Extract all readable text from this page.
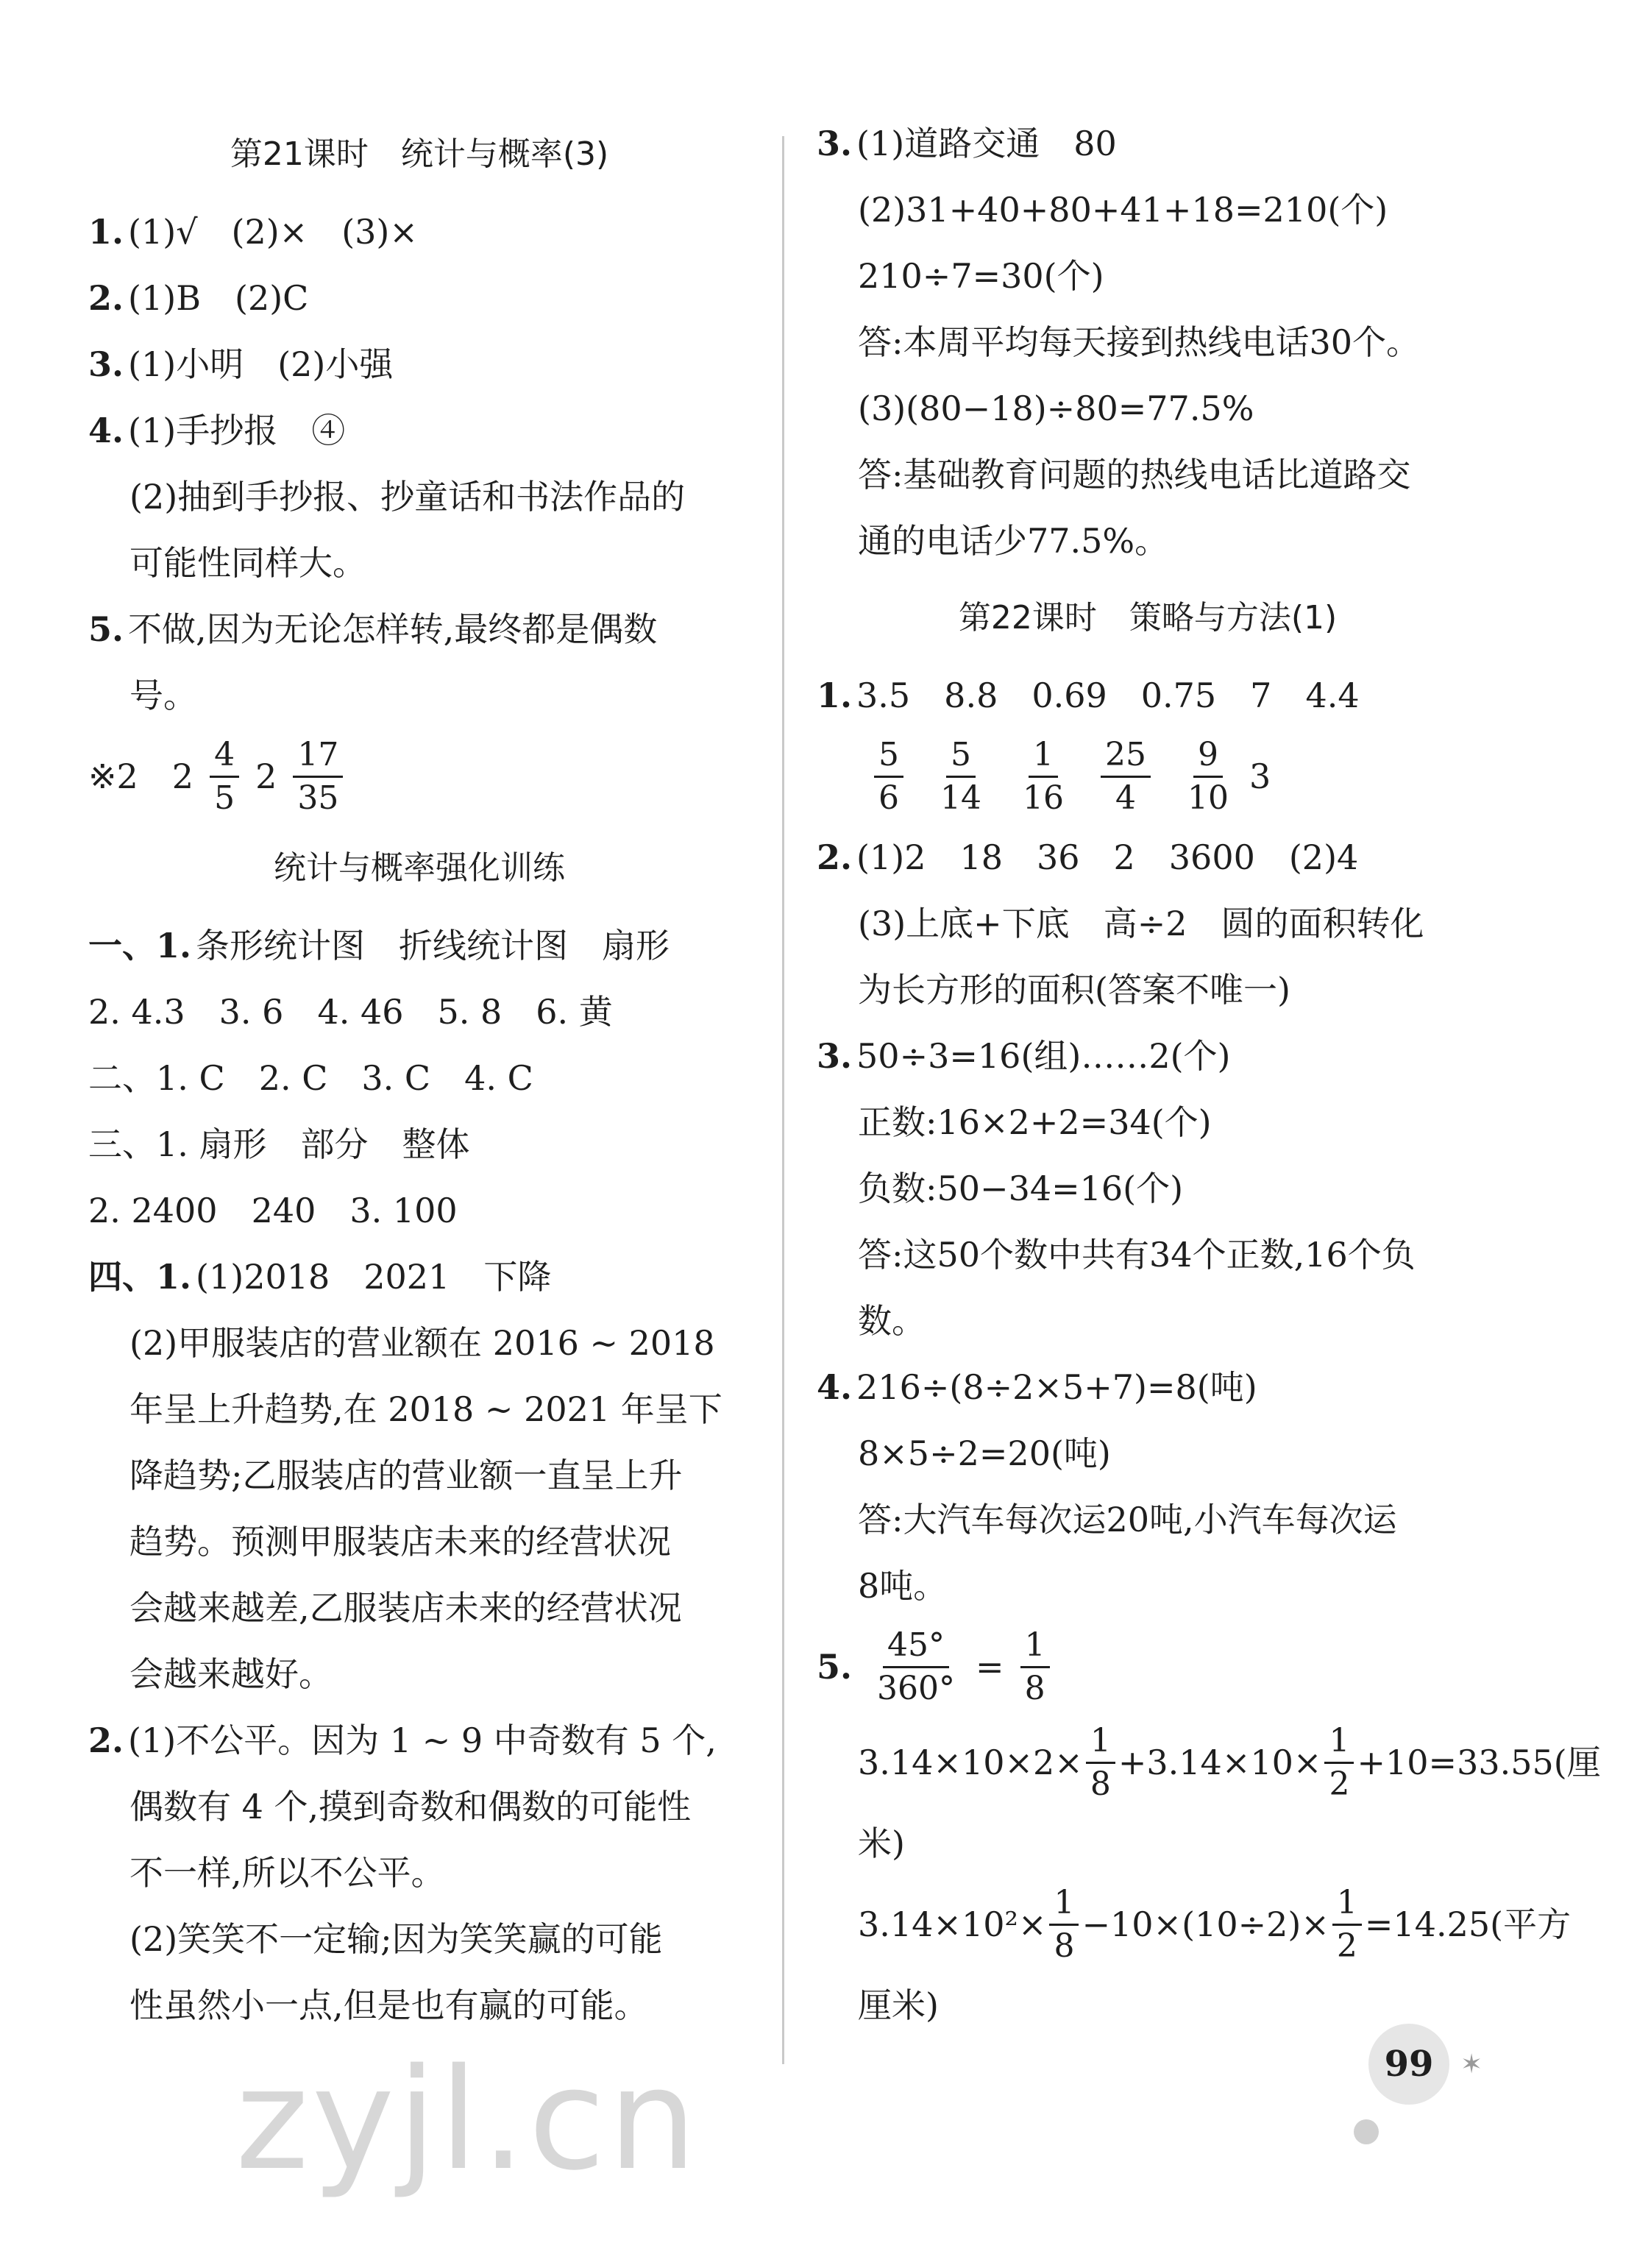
第21课时　统计与概率(3)
1. (1)√　(2)×　(3)×
2. (1)B　(2)C
3. (1)小明　(2)小强
4. (1)手抄报　④
(2)抽到手抄报、抄童话和书法作品的
可能性同样大。
5. 不做,因为无论怎样转,最终都是偶数
号。
※2　$2 \frac{4}{5} 2 \frac{17}{35}$
统计与概率强化训练
一、1. 条形统计图　折线统计图　扇形
2. 4.3　3. 6　4. 46　5. 8　6. 黄
二、1. C　2. C　3. C　4. C
三、1. 扇形　部分　整体
2. 2400　240　3. 100
四、1. (1)2018　2021　下降
(2)甲服装店的营业额在 2016 ~ 2018
年呈上升趋势,在 2018 ~ 2021 年呈下
降趋势;乙服装店的营业额一直呈上升
趋势。预测甲服装店未来的经营状况
会越来越差,乙服装店未来的经营状况
会越来越好。
2. (1)不公平。因为 1 ~ 9 中奇数有 5 个,
偶数有 4 个,摸到奇数和偶数的可能性
不一样,所以不公平。
(2)笑笑不一定输;因为笑笑赢的可能
性虽然小一点,但是也有赢的可能。
3. (1)道路交通　80
(2)31+40+80+41+18=210(个)
210÷7=30(个)
答:本周平均每天接到热线电话30个。
(3)(80−18)÷80=77.5%
答:基础教育问题的热线电话比道路交
通的电话少77.5%。
第22课时　策略与方法(1)
1. 3.5　8.8　0.69　0.75　7　4.4
$\frac{5}{6} \frac{5}{14} \frac{1}{16} \frac{25}{4} \frac{9}{10} 3$
2. (1)2　18　36　2　3600　(2)4
(3)上底+下底　高÷2　圆的面积转化
为长方形的面积(答案不唯一)
3. 50÷3=16(组)……2(个)
正数:16×2+2=34(个)
负数:50−34=16(个)
答:这50个数中共有34个正数,16个负
数。
4. 216÷(8÷2×5+7)=8(吨)
8×5÷2=20(吨)
答:大汽车每次运20吨,小汽车每次运
8吨。
5. $\frac{45^\circ}{360^\circ} = \frac{1}{8}$
$3.14\times 10\times 2\times \frac{1}{8} +3.14\times 10\times \frac{1}{2} +10=33.55$(厘
米)
$3.14\times 10^2\times \frac{1}{8} -10\times(10\div 2)\times \frac{1}{2} =14.25$(平方
厘米)
zyjl.cn	99	✶
